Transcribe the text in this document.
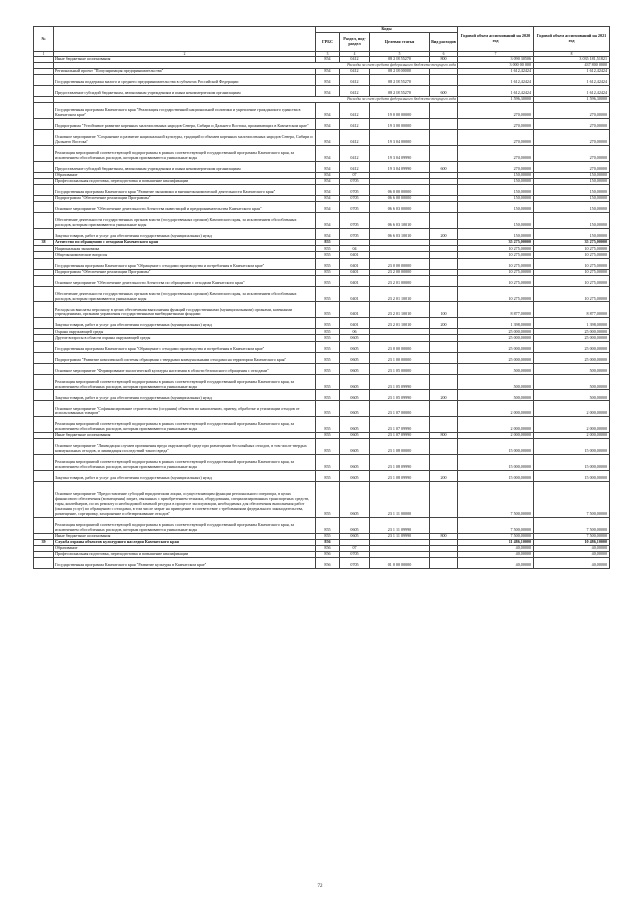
№		Коды				Годовой объем ассигнований на 2020 год	Годовой объем ассигнований на 2021 год
		ГРБС	Раздел, под-раздел	Целевая статья	Вид расходов		
1	2	3	4	5	6	7	8
	Иные бюджетные ассигнования	854	0412	08 2 I8 55270	800	3 090 30506	3 035 181,51821
	Расходы за счет средств федерального бюджета текущего года					3 000 00 000	437 800 0000
	Региональный проект "Популяризация предпринимательства"	854	0412	08 2 I8 00000		1 612,42424	1 612,42424
	Государственная поддержка малого и среднего предпринимательства в субъектах Российской Федерации	854	0412	08 2 I8 55270		1 612,42424	1 612,42424
	Предоставление субсидий бюджетным, автономным учреждениям и иным некоммерческим организациям	854	0412	08 2 I8 55270	600	1 612,42424	1 612,42424
	Расходы за счет средств федерального бюджета текущего года					1 596,30000	1 596,30000
	Государственная программа Камчатского края "Реализация государственной национальной политики и укрепление гражданского единства в Камчатском крае"	854	0412	19 0 00 00000		270,00000	270,00000
	Подпрограмма "Устойчивое развитие коренных малочисленных народов Севера, Сибири и Дальнего Востока, проживающих в Камчатском крае"	854	0412	19 3 00 00000		270,00000	270,00000
	Основное мероприятие "Сохранение и развитие национальной культуры, традиций и обычаев коренных малочисленных народов Севера, Сибири и Дальнего Востока"	854	0412	19 3 04 00000		270,00000	270,00000
	Реализация мероприятий соответствующей подпрограммы в рамках соответствующей государственной программы Камчатского края, за исключением обособленных расходов, которым присваиваются уникальные коды	854	0412	19 3 04 09990		270,00000	270,00000
	Предоставление субсидий бюджетным, автономным учреждениям и иным некоммерческим организациям	854	0412	19 3 04 09990	600	270,00000	270,00000
	Образование	854	07			150,00000	150,00000
	Профессиональная подготовка, переподготовка и повышение квалификации	854	0705			150,00000	150,00000
	Государственная программа Камчатского края "Развитие экономики и внешнеэкономической деятельности Камчатского края"	854	0705	06 0 00 00000		150,00000	150,00000
	Подпрограмма "Обеспечение реализации Программы"	854	0705	06 6 00 00000		150,00000	150,00000
	Основное мероприятие "Обеспечение деятельности Агентства инвестиций и предпринимательства Камчатского края"	854	0705	06 6 03 00000		150,00000	150,00000
	Обеспечение деятельности государственных органов власти (государственных органов) Камчатского края, за исключением обособленных расходов, которым присваиваются уникальные коды	854	0705	06 6 03 10010		150,00000	150,00000
	Закупка товаров, работ и услуг для обеспечения государственных (муниципальных) нужд	854	0705	06 6 03 10010	200	150,00000	150,00000
38	Агентство по обращению с отходами Камчатского края	855				35 275,00000	35 275,00000
	Национальная экономика	855	04			10 275,00000	10 275,00000
	Общеэкономические вопросы	855	0401			10 275,00000	10 275,00000
	Государственная программа Камчатского края "Обращение с отходами производства и потребления в Камчатском крае"	855	0401	23 0 00 00000		10 275,00000	10 275,00000
	Подпрограмма "Обеспечение реализации Программы"	855	0401	23 2 00 00000		10 275,00000	10 275,00000
	Основное мероприятие "Обеспечение деятельности Агентства по обращению с отходами Камчатского края"	855	0401	23 2 01 00000		10 275,00000	10 275,00000
	Обеспечение деятельности государственных органов власти (государственных органов) Камчатского края, за исключением обособленных расходов, которым присваиваются уникальные коды	855	0401	23 2 01 10010		10 275,00000	10 275,00000
	Расходы на выплаты персоналу в целях обеспечения выполнения функций государственными (муниципальными) органами, казенными учреждениями, органами управления государственными внебюджетными фондами	855	0401	23 2 01 10010	100	8 877,00000	8 877,00000
	Закупка товаров, работ и услуг для обеспечения государственных (муниципальных) нужд	855	0401	23 2 01 10010	200	1 398,00000	1 398,00000
	Охрана окружающей среды	855	06			25 000,00000	25 000,00000
	Другие вопросы в области охраны окружающей среды	855	0605			25 000,00000	25 000,00000
	Государственная программа Камчатского края "Обращение с отходами производства и потребления в Камчатском крае"	855	0605	23 0 00 00000		25 000,00000	25 000,00000
	Подпрограмма "Развитие комплексной системы обращения с твердыми коммунальными отходами на территории Камчатского края"	855	0605	23 1 00 00000		25 000,00000	25 000,00000
	Основное мероприятие "Формирование экологической культуры населения в области безопасного обращения с отходами"	855	0605	23 1 05 00000		500,00000	500,00000
	Реализация мероприятий соответствующей подпрограммы в рамках соответствующей государственной программы Камчатского края, за исключением обособленных расходов, которым присваиваются уникальные коды	855	0605	23 1 05 09990		500,00000	500,00000
	Закупка товаров, работ и услуг для обеспечения государственных (муниципальных) нужд	855	0605	23 1 05 09990	200	500,00000	500,00000
	Основное мероприятие "Софинансирование строительства (создания) объектов по накоплению, приему, обработке и утилизации отходов от использованных товаров"	855	0605	23 1 07 00000		2 000,00000	2 000,00000
	Реализация мероприятий соответствующей подпрограммы в рамках соответствующей государственной программы Камчатского края, за исключением обособленных расходов, которым присваиваются уникальные коды	855	0605	23 1 07 09990		2 000,00000	2 000,00000
	Иные бюджетные ассигнования	855	0605	23 1 07 09990	800	2 000,00000	2 000,00000
	Основное мероприятие "Ликвидация случаев причинения вреда окружающей среде при размещении бесхозяйных отходов, в том числе твердых коммунальных отходов, и ликвидация последствий такого вреда"	855	0605	23 1 08 00000		15 000,00000	15 000,00000
	Реализация мероприятий соответствующей подпрограммы в рамках соответствующей государственной программы Камчатского края, за исключением обособленных расходов, которым присваиваются уникальные коды	855	0605	23 1 08 09990		15 000,00000	15 000,00000
	Закупка товаров, работ и услуг для обеспечения государственных (муниципальных) нужд	855	0605	23 1 08 09990	200	15 000,00000	15 000,00000
	Основное мероприятие "Предоставление субсидий юридическим лицам, осуществляющим функции регионального оператора, в целях финансового обеспечения (возмещения) затрат, связанных с приобретением техники, оборудования, специализированных транспортных средств, тары, контейнеров, по их ремонту и необходимой заменой ресурса в процессе эксплуатации, необходимых для обеспечения выполнения работ (оказания услуг) по обращению с отходами, в том числе затрат на приведение в соответствие с требованиями федерального законодательства, размещение, сортировку, захоронение и обезвреживание отходов"	855	0605	23 1 11 00000		7 500,00000	7 500,00000
	Реализация мероприятий соответствующей подпрограммы в рамках соответствующей государственной программы Камчатского края, за исключением обособленных расходов, которым присваиваются уникальные коды	855	0605	23 1 11 09990		7 500,00000	7 500,00000
	Иные бюджетные ассигнования	855	0605	23 1 11 09990	800	7 500,00000	7 500,00000
39	Служба охраны объектов культурного наследия Камчатского края	856				11 486,10000	10 486,10000
	Образование	856	07			40,00000	40,00000
	Профессиональная подготовка, переподготовка и повышение квалификации	856	0705			40,00000	40,00000
	Государственная программа Камчатского края "Развитие культуры в Камчатском крае"	856	0705	01 0 00 00000		40,00000	40,00000
72
